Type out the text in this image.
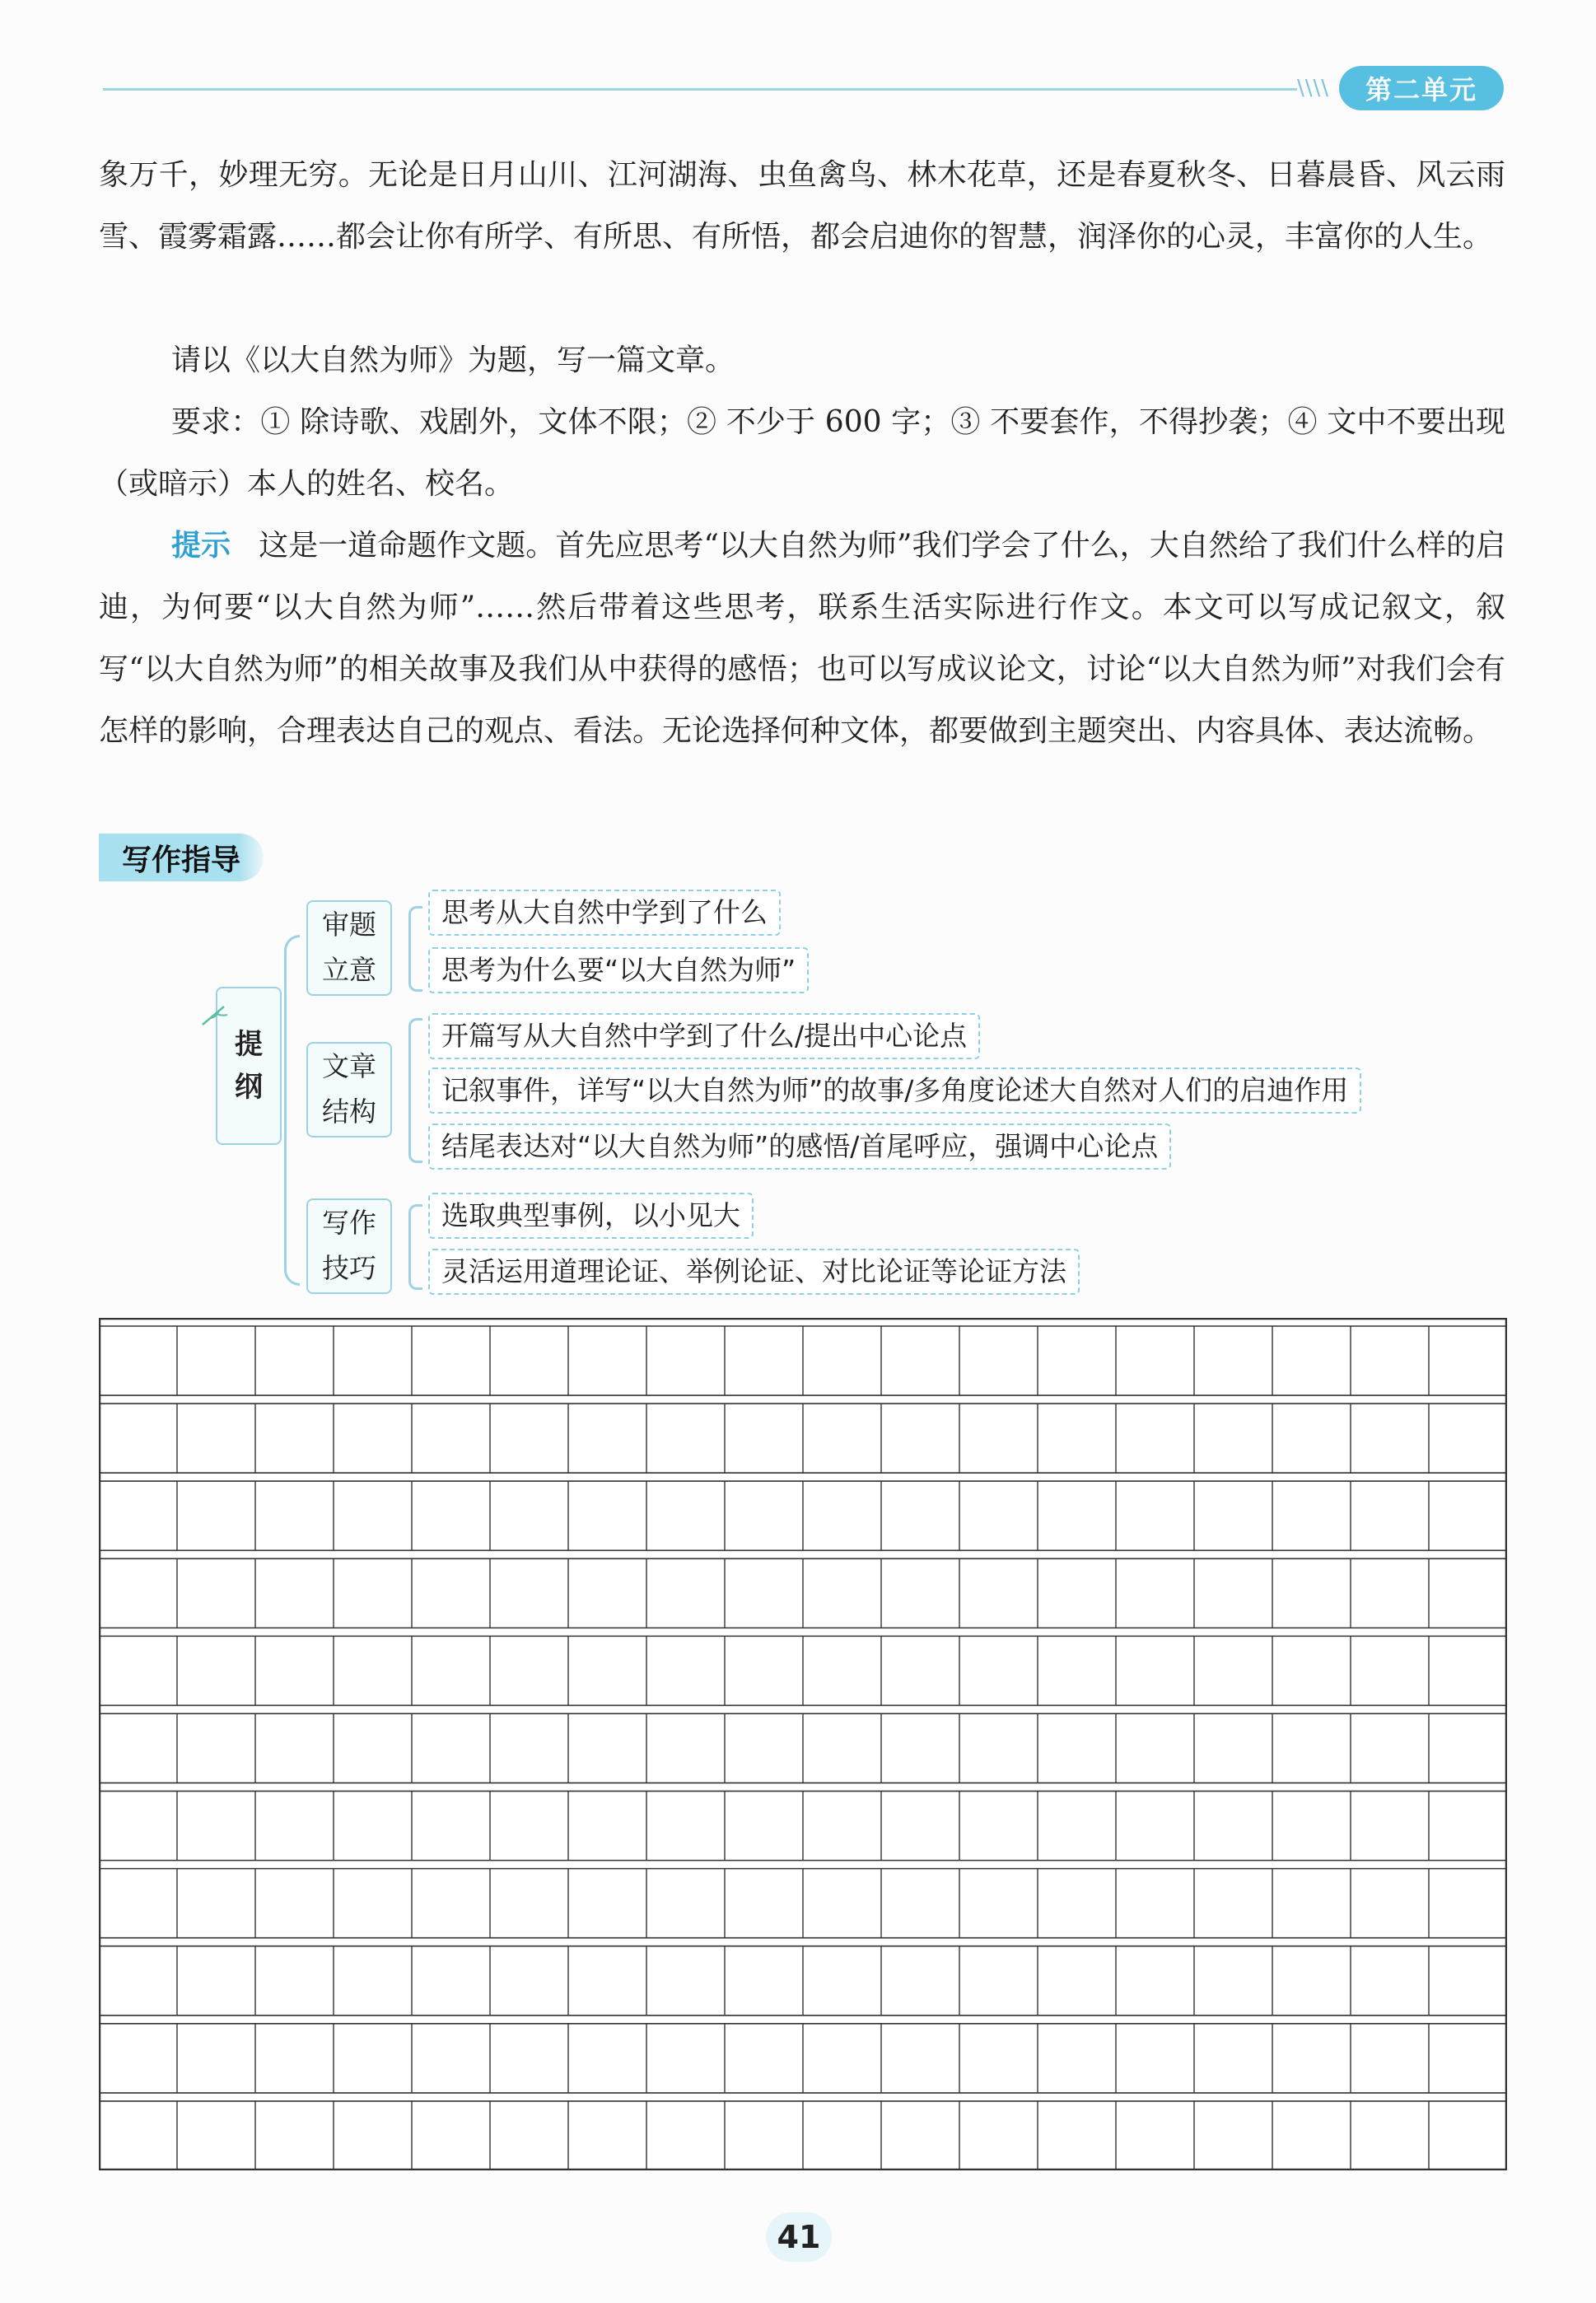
\\\\	第二单元

象万千，妙理无穷。无论是日月山川、江河湖海、虫鱼禽鸟、林木花草，还是春夏秋冬、日暮晨昏、风云雨雪、霞雾霜露……都会让你有所学、有所思、有所悟，都会启迪你的智慧，润泽你的心灵，丰富你的人生。

请以《以大自然为师》为题，写一篇文章。

要求：① 除诗歌、戏剧外，文体不限；② 不少于 600 字；③ 不要套作，不得抄袭；④ 文中不要出现（或暗示）本人的姓名、校名。

提示 这是一道命题作文题。首先应思考“以大自然为师”我们学会了什么，大自然给了我们什么样的启迪，为何要“以大自然为师”……然后带着这些思考，联系生活实际进行作文。本文可以写成记叙文，叙写“以大自然为师”的相关故事及我们从中获得的感悟；也可以写成议论文，讨论“以大自然为师”对我们会有怎样的影响，合理表达自己的观点、看法。无论选择何种文体，都要做到主题突出、内容具体、表达流畅。

写作指导
提
纲
审题
立意
思考从大自然中学到了什么
思考为什么要“以大自然为师”
文章
结构
开篇写从大自然中学到了什么/提出中心论点
记叙事件，详写“以大自然为师”的故事/多角度论述大自然对人们的启迪作用
结尾表达对“以大自然为师”的感悟/首尾呼应，强调中心论点
写作
技巧
选取典型事例，以小见大
灵活运用道理论证、举例论证、对比论证等论证方法
41
